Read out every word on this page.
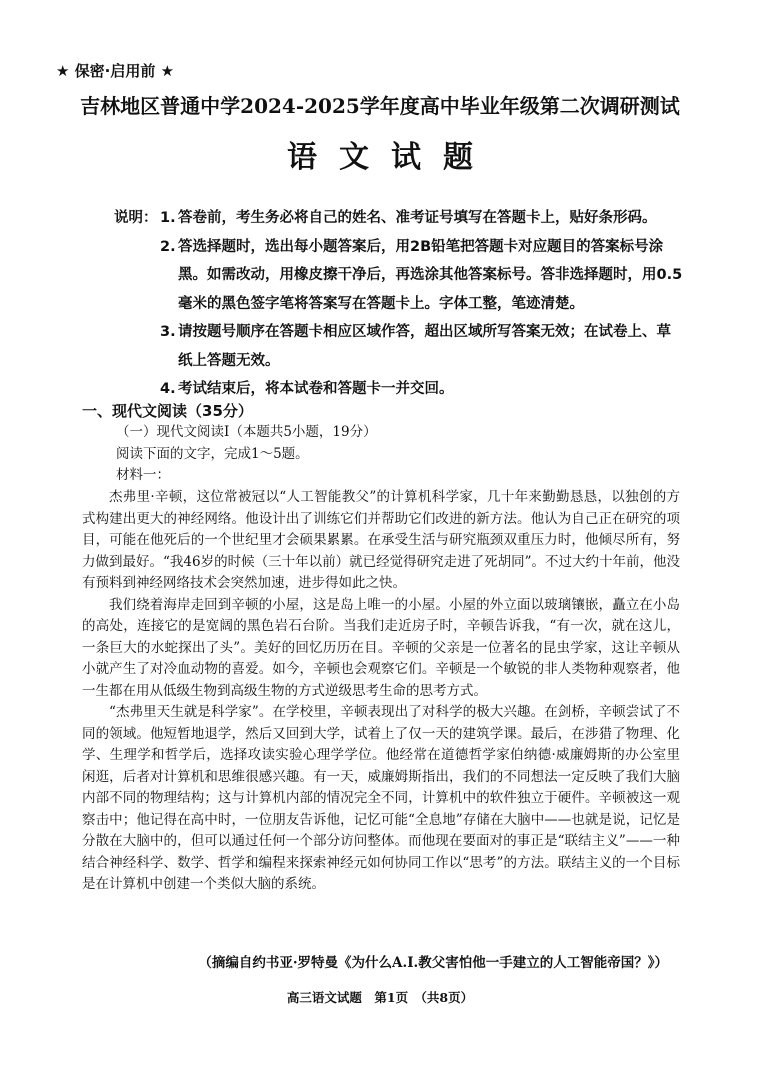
★ 保密·启用前 ★
吉林地区普通中学2024-2025学年度高中毕业年级第二次调研测试
语文试题
说明： 1. 答卷前，考生务必将自己的姓名、准考证号填写在答题卡上，贴好条形码。
2. 答选择题时，选出每小题答案后，用2B铅笔把答题卡对应题目的答案标号涂黑。如需改动，用橡皮擦干净后，再选涂其他答案标号。答非选择题时，用0.5毫米的黑色签字笔将答案写在答题卡上。字体工整，笔迹清楚。
3. 请按题号顺序在答题卡相应区域作答，超出区域所写答案无效；在试卷上、草纸上答题无效。
4. 考试结束后，将本试卷和答题卡一并交回。
一、现代文阅读（35分）
（一）现代文阅读Ⅰ（本题共5小题，19分）
阅读下面的文字，完成1～5题。
材料一：

杰弗里·辛顿，这位常被冠以“人工智能教父”的计算机科学家，几十年来勤勤恳恳，以独创的方式构建出更大的神经网络。他设计出了训练它们并帮助它们改进的新方法。他认为自己正在研究的项目，可能在他死后的一个世纪里才会硕果累累。在承受生活与研究瓶颈双重压力时，他倾尽所有，努力做到最好。“我46岁的时候（三十年以前）就已经觉得研究走进了死胡同”。不过大约十年前，他没有预料到神经网络技术会突然加速，进步得如此之快。

我们绕着海岸走回到辛顿的小屋，这是岛上唯一的小屋。小屋的外立面以玻璃镶嵌，矗立在小岛的高处，连接它的是宽阔的黑色岩石台阶。当我们走近房子时，辛顿告诉我，“有一次，就在这儿，一条巨大的水蛇探出了头”。美好的回忆历历在目。辛顿的父亲是一位著名的昆虫学家，这让辛顿从小就产生了对冷血动物的喜爱。如今，辛顿也会观察它们。辛顿是一个敏锐的非人类物种观察者，他一生都在用从低级生物到高级生物的方式逆级思考生命的思考方式。

“杰弗里天生就是科学家”。在学校里，辛顿表现出了对科学的极大兴趣。在剑桥，辛顿尝试了不同的领域。他短暂地退学，然后又回到大学，试着上了仅一天的建筑学课。最后，在涉猎了物理、化学、生理学和哲学后，选择攻读实验心理学学位。他经常在道德哲学家伯纳德·威廉姆斯的办公室里闲逛，后者对计算机和思维很感兴趣。有一天，威廉姆斯指出，我们的不同想法一定反映了我们大脑内部不同的物理结构；这与计算机内部的情况完全不同，计算机中的软件独立于硬件。辛顿被这一观察击中；他记得在高中时，一位朋友告诉他，记忆可能“全息地”存储在大脑中——也就是说，记忆是分散在大脑中的，但可以通过任何一个部分访问整体。而他现在要面对的事正是“联结主义”——一种结合神经科学、数学、哲学和编程来探索神经元如何协同工作以“思考”的方法。联结主义的一个目标是在计算机中创建一个类似大脑的系统。

（摘编自约书亚·罗特曼《为什么A.I.教父害怕他一手建立的人工智能帝国？》）
高三语文试题　第1页　（共8页）
